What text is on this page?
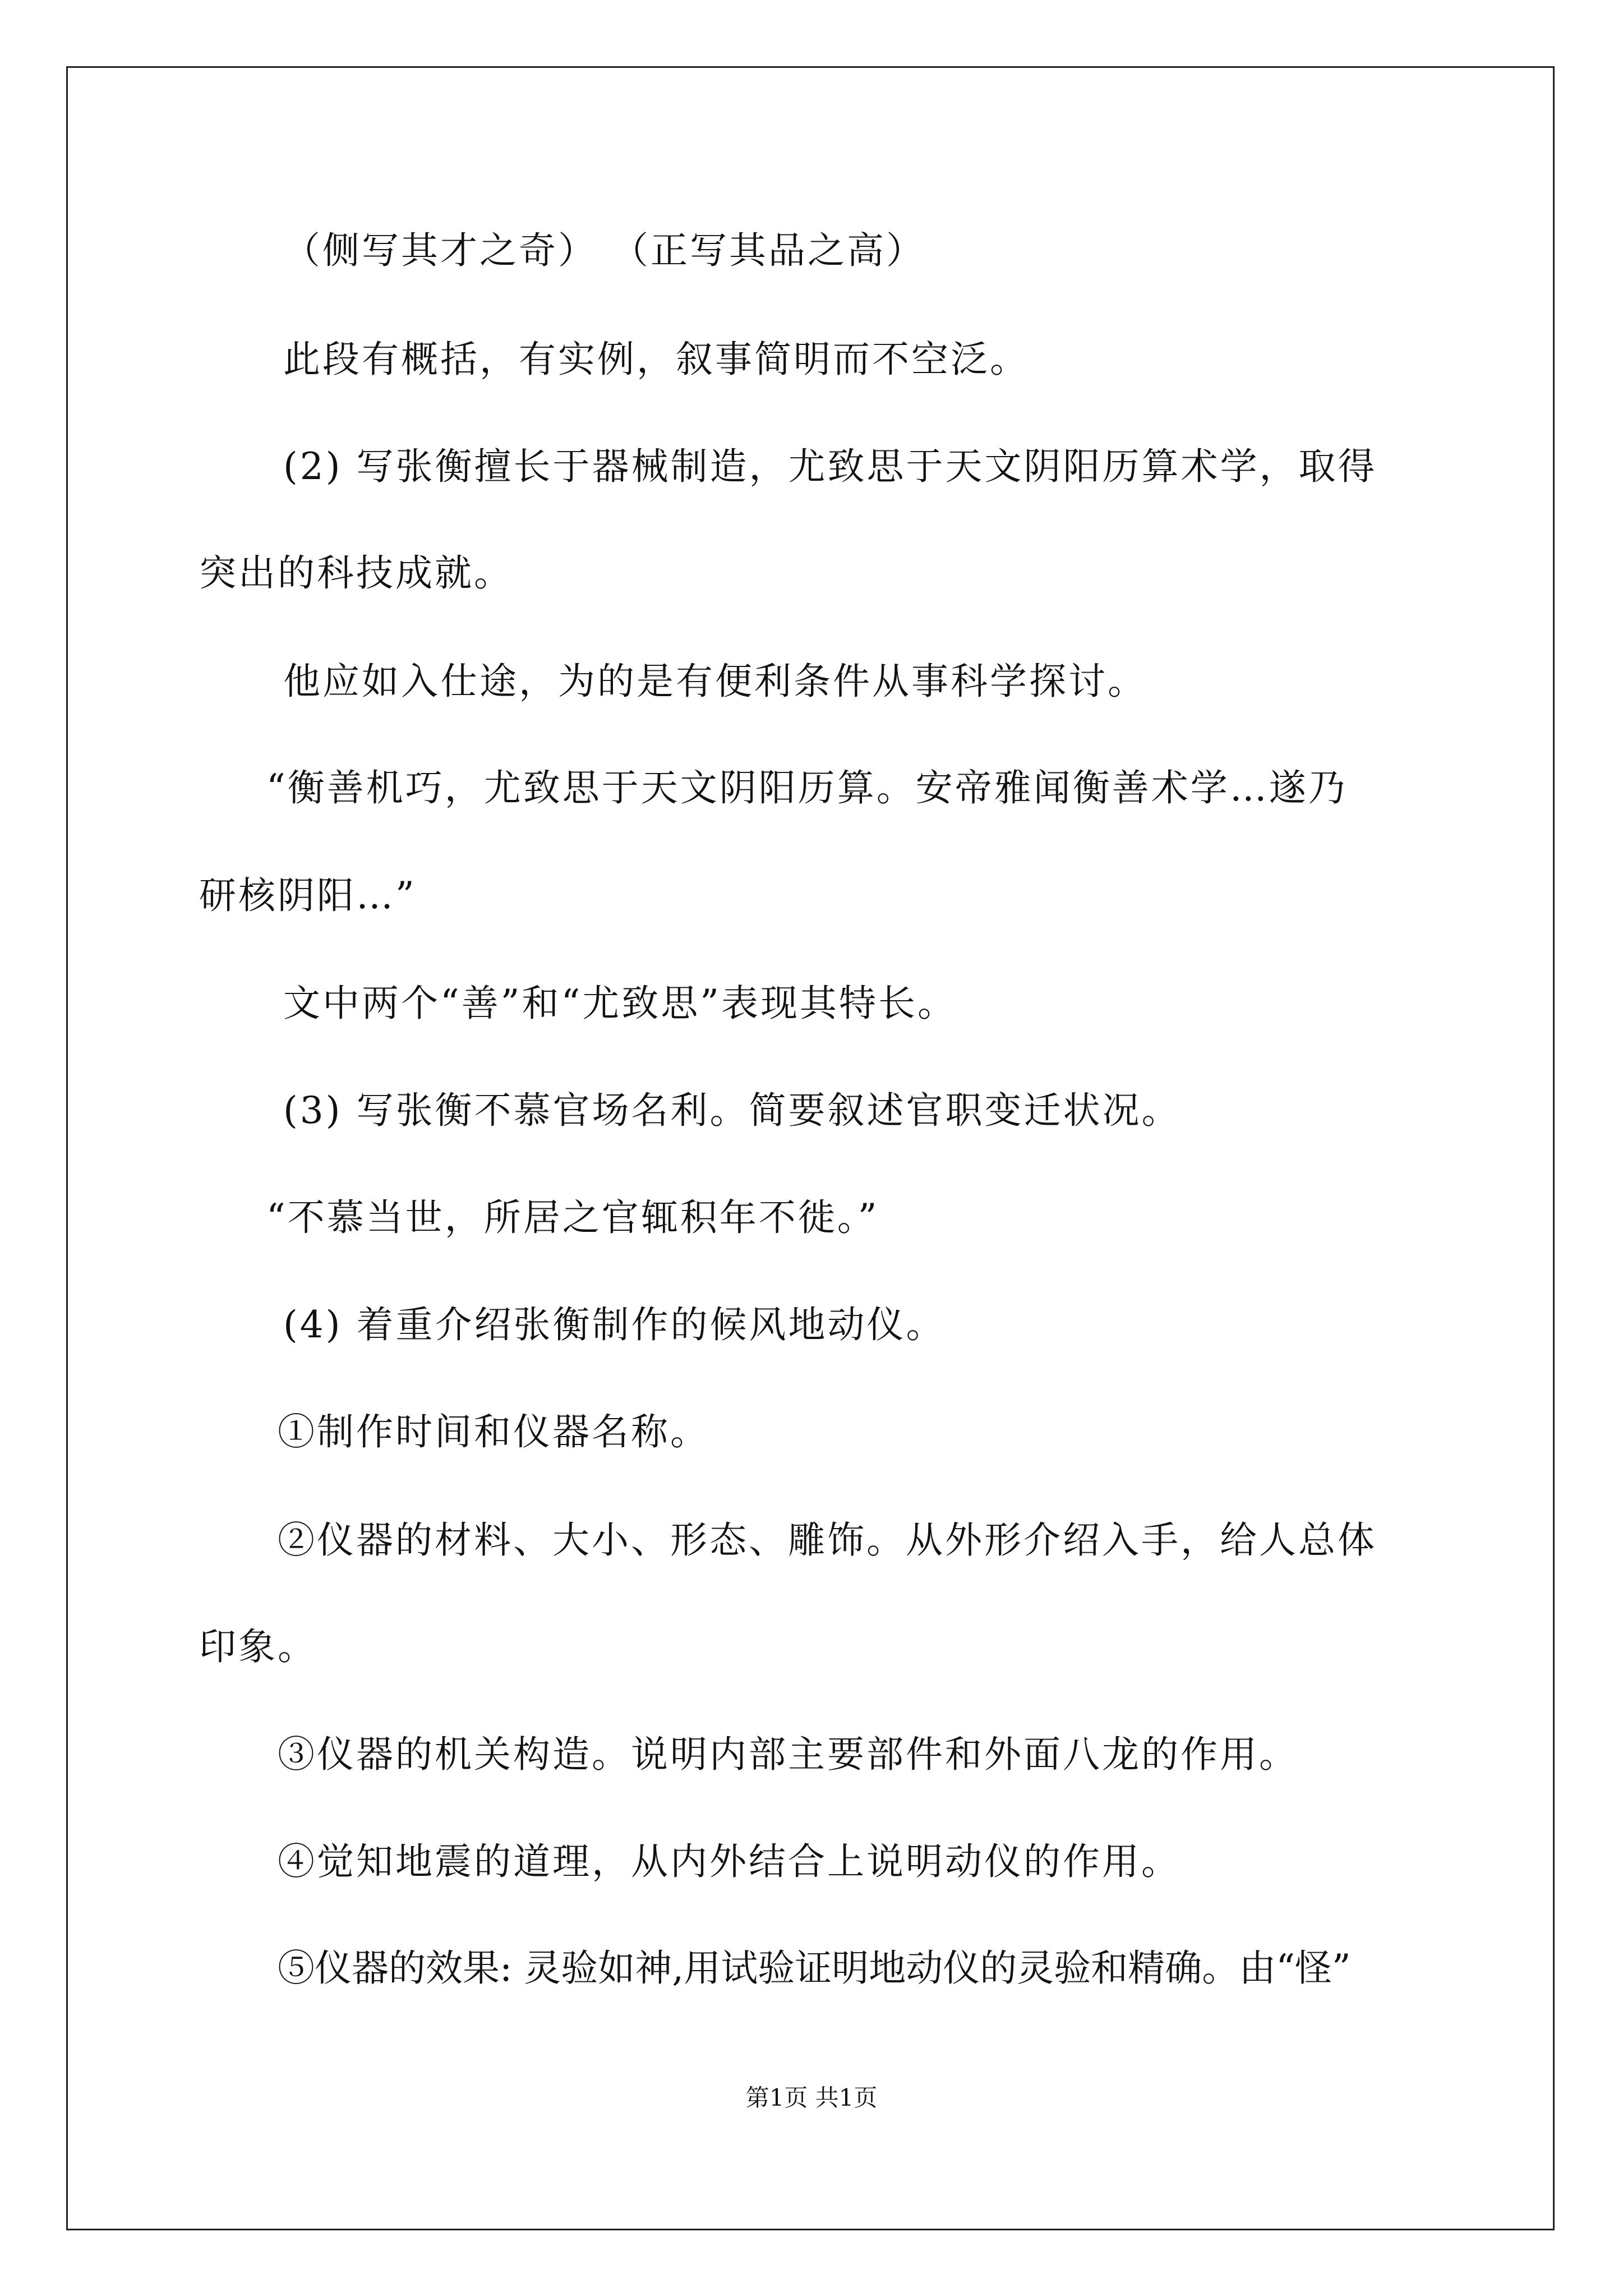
（侧写其才之奇） （正写其品之高）
此段有概括，有实例，叙事简明而不空泛。
(2) 写张衡擅长于器械制造，尤致思于天文阴阳历算术学，取得
突出的科技成就。
他应如入仕途，为的是有便利条件从事科学探讨。
“衡善机巧，尤致思于天文阴阳历算。安帝雅闻衡善术学…遂乃
研核阴阳…”
文中两个“善”和“尤致思”表现其特长。
(3) 写张衡不慕官场名利。简要叙述官职变迁状况。
“不慕当世，所居之官辄积年不徙。”
(4) 着重介绍张衡制作的候风地动仪。
①制作时间和仪器名称。
②仪器的材料、大小、形态、雕饰。从外形介绍入手，给人总体
印象。
③仪器的机关构造。说明内部主要部件和外面八龙的作用。
④觉知地震的道理，从内外结合上说明动仪的作用。
⑤仪器的效果: 灵验如神,用试验证明地动仪的灵验和精确。由“怪”
第1页 共1页
